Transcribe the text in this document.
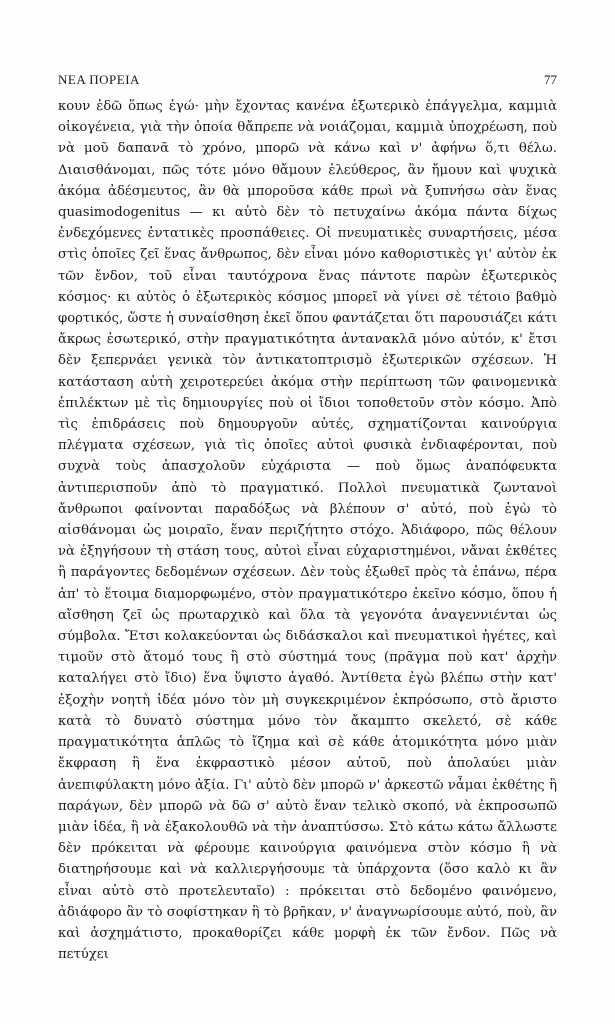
ΝΕΑ ΠΟΡΕΙΑ	77

κουν ἐδῶ ὅπως ἐγώ· μὴν ἔχοντας κανένα ἐξωτερικὸ ἐπάγγελμα, καμμιὰ οἰκογένεια, γιὰ τὴν ὁποία θἄπρεπε νὰ νοιάζομαι, καμμιὰ ὑποχρέωση, ποὺ νὰ μοῦ δαπανᾶ τὸ χρόνο, μπορῶ νὰ κάνω καὶ ν' ἀφήνω ὅ,τι θέλω. Διαισθάνομαι, πῶς τότε μόνο θἄμουν ἐλεύθερος, ἂν ἤμουν καὶ ψυχικὰ ἀκόμα ἀδέσμευτος, ἂν θὰ μποροῦσα κάθε πρωὶ νὰ ξυπνήσω σὰν ἕνας quasimodogenitus — κι αὐτὸ δὲν τὸ πετυχαίνω ἀκόμα πάντα δίχως ἐνδεχόμενες ἐντατικὲς προσπάθειες. Οἱ πνευματικὲς συναρτήσεις, μέσα στὶς ὁποῖες ζεῖ ἕνας ἄνθρωπος, δὲν εἶναι μόνο καθοριστικὲς γι' αὐτὸν ἐκ τῶν ἔνδον, τοῦ εἶναι ταυτόχρονα ἕνας πάντοτε παρὼν ἐξωτερικὸς κόσμος· κι αὐτὸς ὁ ἐξωτερικὸς κόσμος μπορεῖ νὰ γίνει σὲ τέτοιο βαθμὸ φορτικός, ὥστε ἡ συναίσθηση ἐκεῖ ὅπου φαντάζεται ὅτι παρουσιάζει κάτι ἄκρως ἐσωτερικό, στὴν πραγματικότητα ἀντανακλᾶ μόνο αὐτόν, κ' ἔτσι δὲν ξεπερνάει γενικὰ τὸν ἀντικατοπτρισμὸ ἐξωτερικῶν σχέσεων. Ἡ κατάσταση αὐτὴ χειροτερεύει ἀκόμα στὴν περίπτωση τῶν φαινομενικὰ ἐπιλέκτων μὲ τὶς δημιουργίες ποὺ οἱ ἴδιοι τοποθετοῦν στὸν κόσμο. Ἀπὸ τὶς ἐπιδράσεις ποὺ δημουργοῦν αὐτές, σχηματίζονται καινούργια πλέγματα σχέσεων, γιὰ τὶς ὁποῖες αὐτοὶ φυσικὰ ἐνδιαφέρονται, ποὺ συχνὰ τοὺς ἀπασχολοῦν εὐχάριστα — ποὺ ὅμως ἀναπόφευκτα ἀντιπερισποῦν ἀπὸ τὸ πραγματικό. Πολλοὶ πνευματικὰ ζωντανοὶ ἄνθρωποι φαίνονται παραδόξως νὰ βλέπουν σ' αὐτό, ποὺ ἐγὼ τὸ αἰσθάνομαι ὡς μοιραῖο, ἕναν περιζήτητο στόχο. Ἀδιάφορο, πῶς θέλουν νὰ ἐξηγήσουν τὴ στάση τους, αὐτοὶ εἶναι εὐχαριστημένοι, νἄναι ἐκθέτες ἢ παράγοντες δεδομένων σχέσεων. Δὲν τοὺς ἐξωθεῖ πρὸς τὰ ἐπάνω, πέρα ἀπ' τὸ ἕτοιμα διαμορφωμένο, στὸν πραγματικότερο ἐκεῖνο κόσμο, ὅπου ἡ αἴσθηση ζεῖ ὡς πρωταρχικὸ καὶ ὅλα τὰ γεγονότα ἀναγεννιένται ὡς σύμβολα. Ἔτσι κολακεύονται ὡς διδάσκαλοι καὶ πνευματικοὶ ἡγέτες, καὶ τιμοῦν στὸ ἄτομό τους ἢ στὸ σύστημά τους (πρᾶγμα ποὺ κατ' ἀρχὴν καταλήγει στὸ ἴδιο) ἕνα ὕψιστο ἀγαθό. Ἀντίθετα ἐγὼ βλέπω στὴν κατ' ἐξοχὴν νοητὴ ἰδέα μόνο τὸν μὴ συγκεκριμένον ἐκπρόσωπο, στὸ ἄριστο κατὰ τὸ δυνατὸ σύστημα μόνο τὸν ἄκαμπτο σκελετό, σὲ κάθε πραγματικότητα ἁπλῶς τὸ ἴζημα καὶ σὲ κάθε ἀτομικότητα μόνο μιὰν ἔκφραση ἢ ἕνα ἐκφραστικὸ μέσον αὐτοῦ, ποὺ ἀπολαύει μιὰν ἀνεπιφύλακτη μόνο ἀξία. Γι' αὐτὸ δὲν μπορῶ ν' ἀρκεστῶ νἆμαι ἐκθέτης ἢ παράγων, δὲν μπορῶ νὰ δῶ σ' αὐτὸ ἕναν τελικὸ σκοπό, νὰ ἐκπροσωπῶ μιὰν ἰδέα, ἢ νὰ ἐξακολουθῶ νὰ τὴν ἀναπτύσσω. Στὸ κάτω κάτω ἄλλωστε δὲν πρόκειται νὰ φέρουμε καινούργια φαινόμενα στὸν κόσμο ἢ νὰ διατηρήσουμε καὶ νὰ καλλιεργήσουμε τὰ ὑπάρχοντα (ὅσο καλὸ κι ἂν εἶναι αὐτὸ στὸ προτελευταῖο) : πρόκειται στὸ δεδομένο φαινόμενο, ἀδιάφορο ἂν τὸ σοφίστηκαν ἢ τὸ βρῆκαν, ν' ἀναγνωρίσουμε αὐτό, ποὺ, ἂν καὶ ἀσχημάτιστο, προκαθορίζει κάθε μορφὴ ἐκ τῶν ἔνδον. Πῶς νὰ πετύχει
